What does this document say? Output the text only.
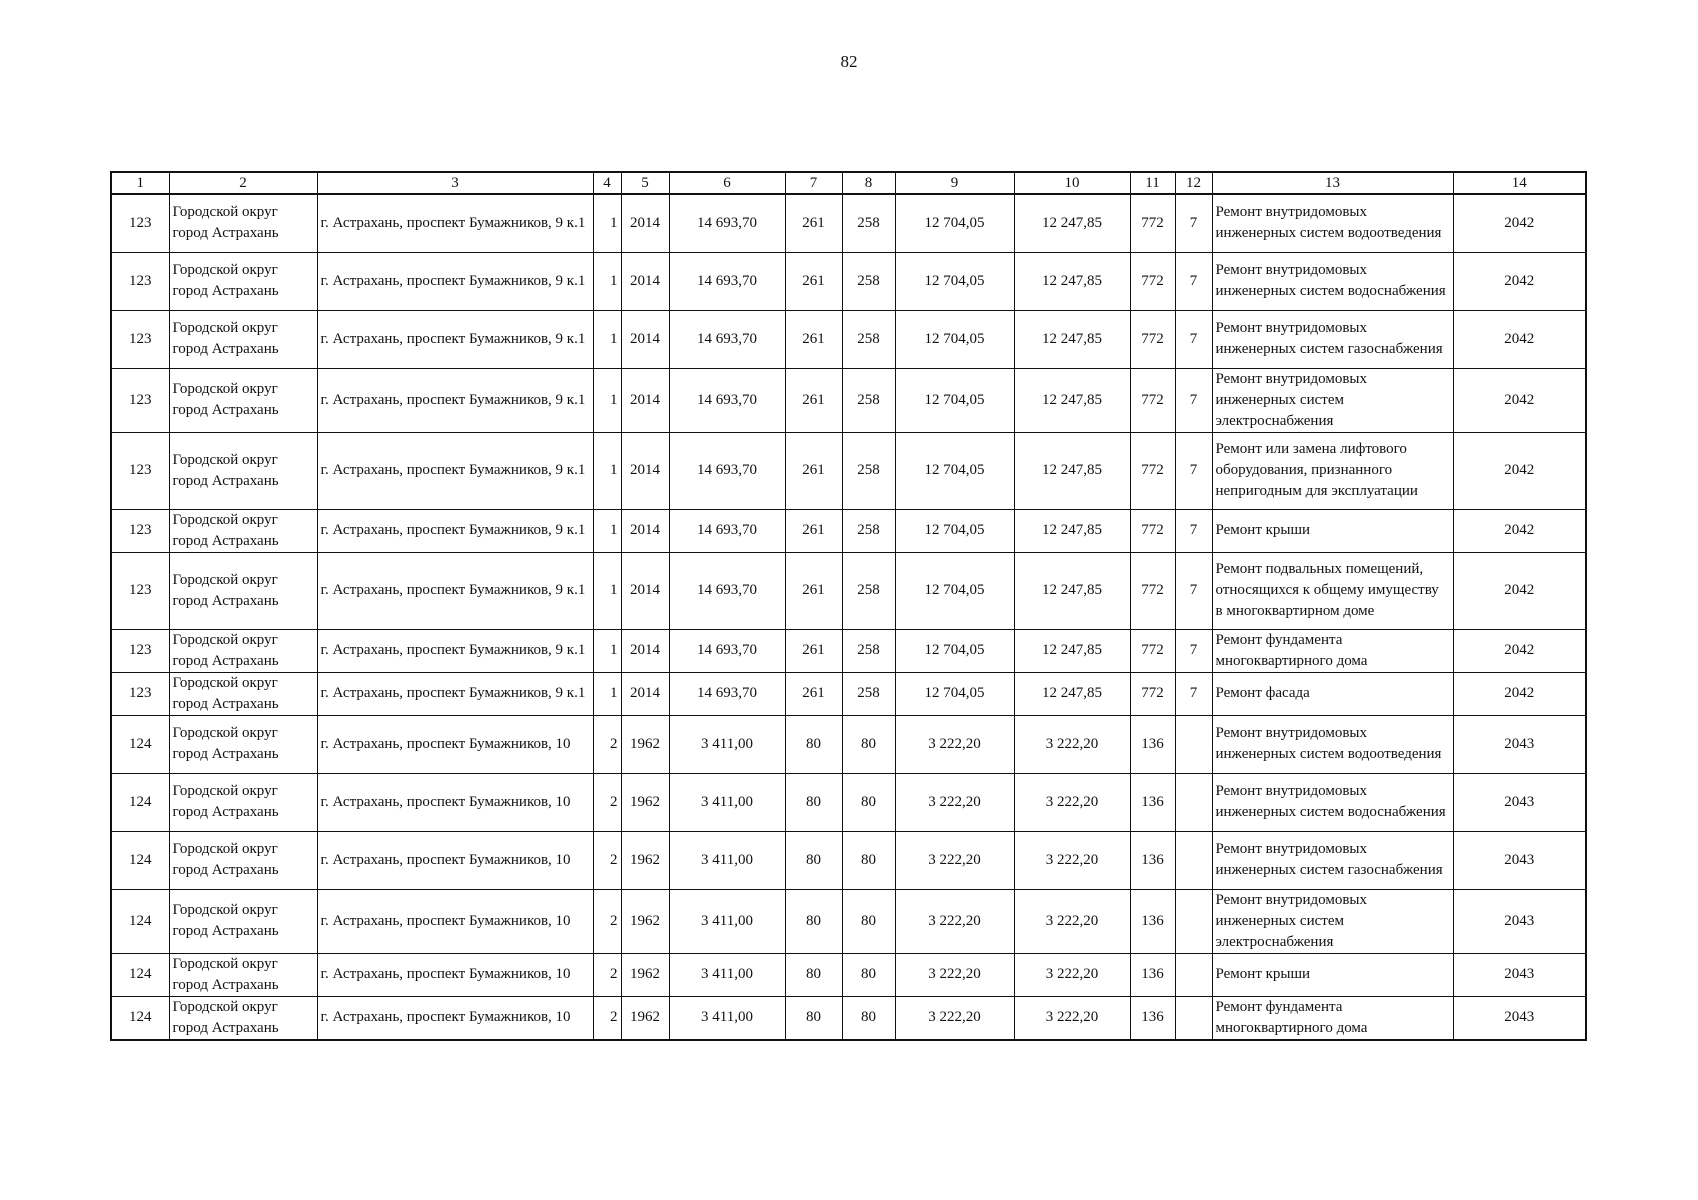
82
1	2	3	4	5	6	7	8	9	10	11	12	13	14
123	Городской округ город Астрахань	г. Астрахань, проспект Бумажников, 9 к.1	1	2014	14 693,70	261	258	12 704,05	12 247,85	772	7	Ремонт внутридомовых инженерных систем водоотведения	2042
123	Городской округ город Астрахань	г. Астрахань, проспект Бумажников, 9 к.1	1	2014	14 693,70	261	258	12 704,05	12 247,85	772	7	Ремонт внутридомовых инженерных систем водоснабжения	2042
123	Городской округ город Астрахань	г. Астрахань, проспект Бумажников, 9 к.1	1	2014	14 693,70	261	258	12 704,05	12 247,85	772	7	Ремонт внутридомовых инженерных систем газоснабжения	2042
123	Городской округ город Астрахань	г. Астрахань, проспект Бумажников, 9 к.1	1	2014	14 693,70	261	258	12 704,05	12 247,85	772	7	Ремонт внутридомовых инженерных систем электроснабжения	2042
123	Городской округ город Астрахань	г. Астрахань, проспект Бумажников, 9 к.1	1	2014	14 693,70	261	258	12 704,05	12 247,85	772	7	Ремонт или замена лифтового оборудования, признанного непригодным для эксплуатации	2042
123	Городской округ город Астрахань	г. Астрахань, проспект Бумажников, 9 к.1	1	2014	14 693,70	261	258	12 704,05	12 247,85	772	7	Ремонт крыши	2042
123	Городской округ город Астрахань	г. Астрахань, проспект Бумажников, 9 к.1	1	2014	14 693,70	261	258	12 704,05	12 247,85	772	7	Ремонт подвальных помещений, относящихся к общему имуществу в многоквартирном доме	2042
123	Городской округ город Астрахань	г. Астрахань, проспект Бумажников, 9 к.1	1	2014	14 693,70	261	258	12 704,05	12 247,85	772	7	Ремонт фундамента многоквартирного дома	2042
123	Городской округ город Астрахань	г. Астрахань, проспект Бумажников, 9 к.1	1	2014	14 693,70	261	258	12 704,05	12 247,85	772	7	Ремонт фасада	2042
124	Городской округ город Астрахань	г. Астрахань, проспект Бумажников, 10	2	1962	3 411,00	80	80	3 222,20	3 222,20	136		Ремонт внутридомовых инженерных систем водоотведения	2043
124	Городской округ город Астрахань	г. Астрахань, проспект Бумажников, 10	2	1962	3 411,00	80	80	3 222,20	3 222,20	136		Ремонт внутридомовых инженерных систем водоснабжения	2043
124	Городской округ город Астрахань	г. Астрахань, проспект Бумажников, 10	2	1962	3 411,00	80	80	3 222,20	3 222,20	136		Ремонт внутридомовых инженерных систем газоснабжения	2043
124	Городской округ город Астрахань	г. Астрахань, проспект Бумажников, 10	2	1962	3 411,00	80	80	3 222,20	3 222,20	136		Ремонт внутридомовых инженерных систем электроснабжения	2043
124	Городской округ город Астрахань	г. Астрахань, проспект Бумажников, 10	2	1962	3 411,00	80	80	3 222,20	3 222,20	136		Ремонт крыши	2043
124	Городской округ город Астрахань	г. Астрахань, проспект Бумажников, 10	2	1962	3 411,00	80	80	3 222,20	3 222,20	136		Ремонт фундамента многоквартирного дома	2043
